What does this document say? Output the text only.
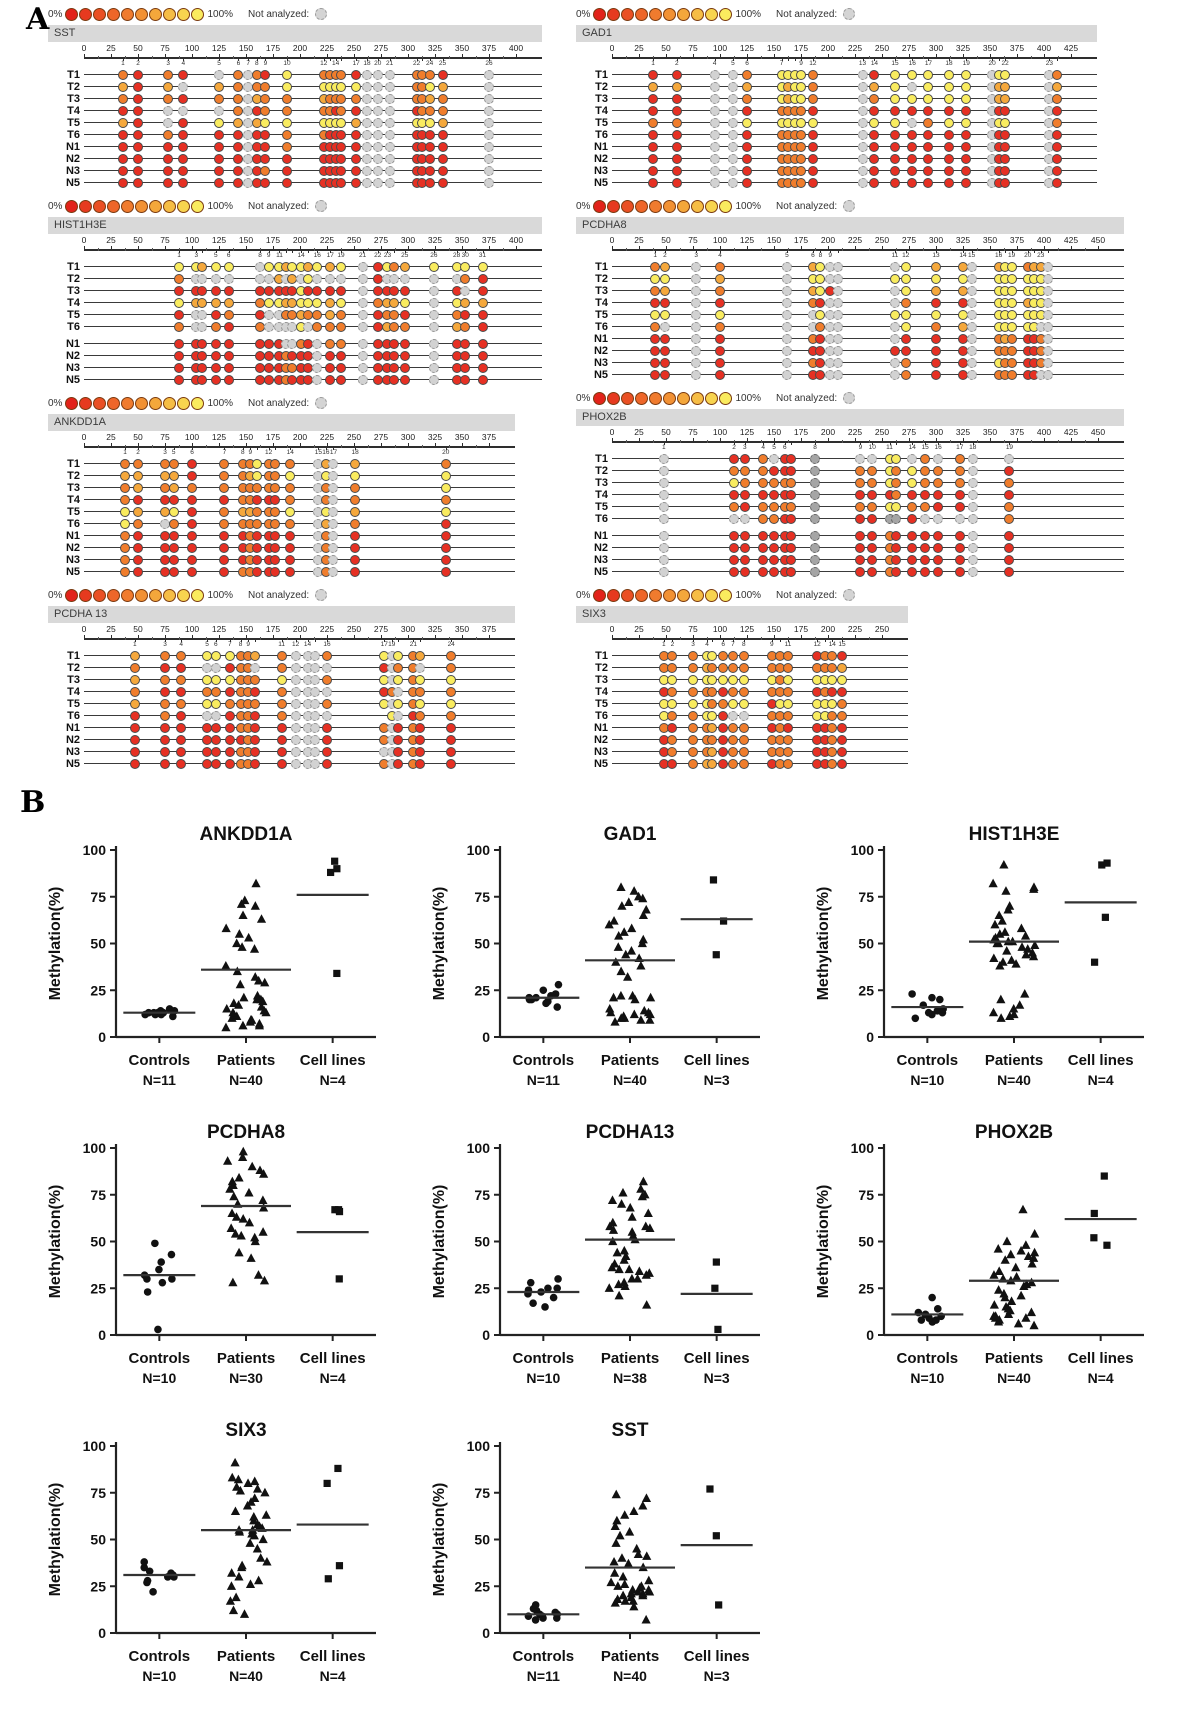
A
0%	100% Not analyzed:
SST
0 25 50 75 100 125 150 175 200 225 250 275 300 325 350 375 400
1 2	3 4	5 6 7 8 9 10	12 14 17 18 20 21	22 24 25	26
T1
T2
T3
T4
T5
T6
N1
N2
N3
N5
0%	100% Not analyzed:
HIST1H3E
0 25 50 75 100 125 150 175 200 225 250 275 300 325 350 375 400
1 3 5 6	8 9 11 14 16 17 19 21 22 23 25	26 28 30 31
T1
T2
T3
T4
T5
T6
N1
N2
N3
N5
0%	100% Not analyzed:
ANKDD1A
0 25 50 75 100 125 150 175 200 225 250 275 300 325 350 375
1 2	3 5 6	7 8 9 12 14	15 16 17 18	20
T1
T2
T3
T4
T5
T6
N1
N2
N3
N5
0%	100% Not analyzed:
PCDHA 13
0 25 50 75 100 125 150 175 200 225 250 275 300 325 350 375
1	3 4	5 6 7 8 9	11 12 14 16	17 19 21	24
T1
T2
T3
T4
T5
T6
N1
N2
N3
N5
0%	100% Not analyzed:
GAD1
0 25 50 75 100 125 150 175 200 225 250 275 300 325 350 375 400 425
1	2	4 5 6	7 9 12	13 14 15 16 17 18 19	20 22	23
T1
T2
T3
T4
T5
T6
N1
N2
N3
N5
0%	100% Not analyzed:
PCDHA8
0 25 50 75 100 125 150 175 200 225 250 275 300 325 350 375 400 425 450
1 2	3	4	5	6 8 9	11 12	13	14 15	16 19 20 23
T1
T2
T3
T4
T5
T6
N1
N2
N3
N5
0%	100% Not analyzed:
PHOX2B
0 25 50 75 100 125 150 175 200 225 250 275 300 325 350 375 400 425 450
1	2 3 4 5 6	8	9 10 11 14 15 16 17 18	19
T1
T2
T3
T4
T5
T6
N1
N2
N3
N5
0%	100% Not analyzed:
SIX3
0 25 50 75 100 125 150 175 200 225 250
1 2	3 4 6 7 8	9 11	12 14 15
T1
T2
T3
T4
T5
T6
N1
N2
N3
N5
B
ANKDD1A
0
25
50
75
100
Methylation(%)
Controls
N=11
Patients
N=40
Cell lines
N=4
GAD1
0
25
50
75
100
Methylation(%)
Controls
N=11
Patients
N=40
Cell lines
N=3
HIST1H3E
0
25
50
75
100
Methylation(%)
Controls
N=10
Patients
N=40
Cell lines
N=4
PCDHA8
0
25
50
75
100
Methylation(%)
Controls
N=10
Patients
N=30
Cell lines
N=4
PCDHA13
0
25
50
75
100
Methylation(%)
Controls
N=10
Patients
N=38
Cell lines
N=3
PHOX2B
0
25
50
75
100
Methylation(%)
Controls
N=10
Patients
N=40
Cell lines
N=4
SIX3
0
25
50
75
100
Methylation(%)
Controls
N=10
Patients
N=40
Cell lines
N=4
SST
0
25
50
75
100
Methylation(%)
Controls
N=11
Patients
N=40
Cell lines
N=3
